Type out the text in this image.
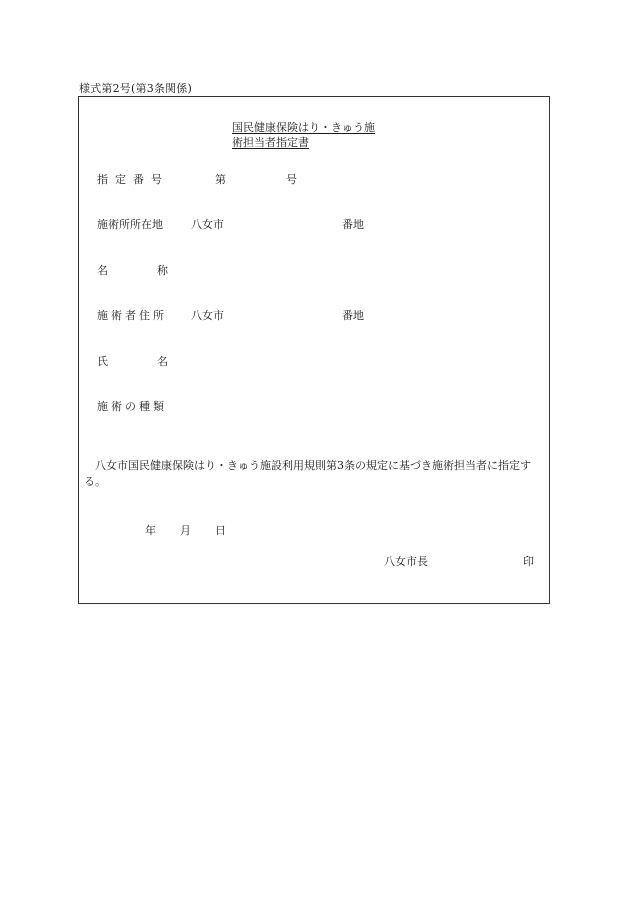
様式第2号(第3条関係)
国民健康保険はり・きゅう施
術担当者指定書
指定番号	第	号
施術所所在地	八女市	番地
名	称
施術者住所 八女市	番地
氏	名
施術の種類
八女市国民健康保険はり・きゅう施設利用規則第3条の規定に基づき施術担当者に指定する。
年 月 日
八女市長	印
